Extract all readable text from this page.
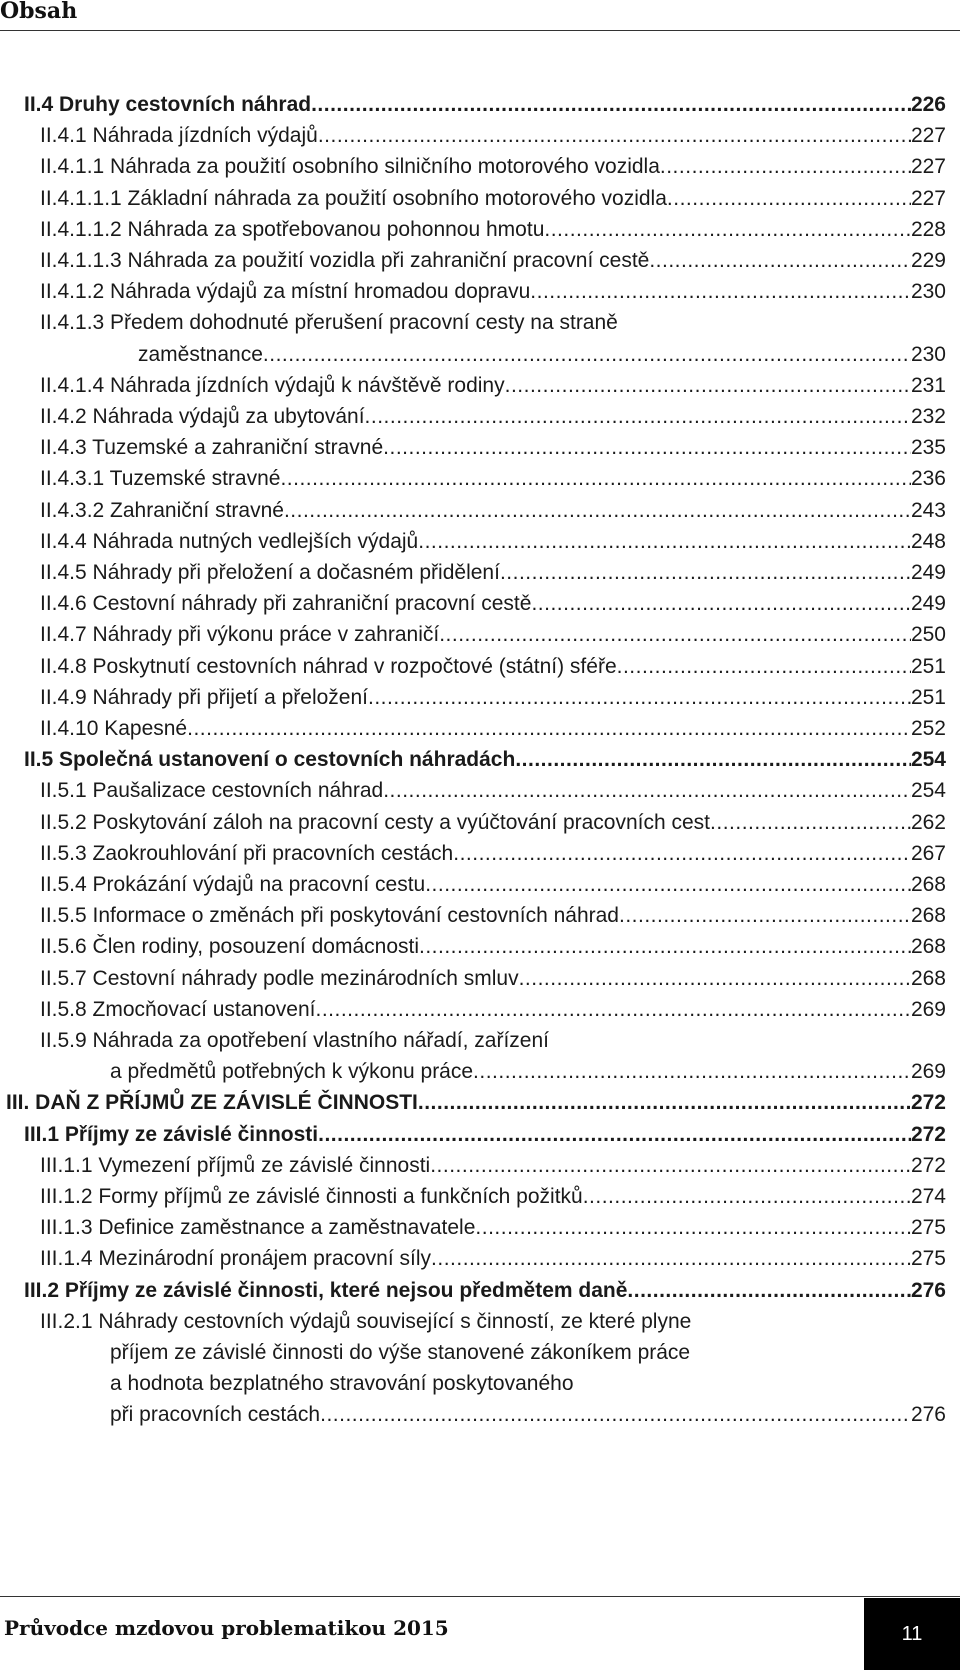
Obsah
II.4 Druhy cestovních náhrad .....	226
II.4.1 Náhrada jízdních výdajů .....	227
II.4.1.1 Náhrada za použití osobního silničního motorového vozidla .....	227
II.4.1.1.1 Základní náhrada za použití osobního motorového vozidla .....	227
II.4.1.1.2 Náhrada za spotřebovanou pohonnou hmotu .....	228
II.4.1.1.3 Náhrada za použití vozidla při zahraniční pracovní cestě .....	229
II.4.1.2 Náhrada výdajů za místní hromadou dopravu .....	230
II.4.1.3 Předem dohodnuté přerušení pracovní cesty na straně
zaměstnance .....	230
II.4.1.4 Náhrada jízdních výdajů k návštěvě rodiny .....	231
II.4.2 Náhrada výdajů za ubytování .....	232
II.4.3 Tuzemské a zahraniční stravné .....	235
II.4.3.1 Tuzemské stravné .....	236
II.4.3.2 Zahraniční stravné .....	243
II.4.4 Náhrada nutných vedlejších výdajů .....	248
II.4.5 Náhrady při přeložení a dočasném přidělení .....	249
II.4.6 Cestovní náhrady při zahraniční pracovní cestě .....	249
II.4.7 Náhrady při výkonu práce v zahraničí .....	250
II.4.8 Poskytnutí cestovních náhrad v rozpočtové (státní) sféře .....	251
II.4.9 Náhrady při přijetí a přeložení .....	251
II.4.10 Kapesné .....	252
II.5 Společná ustanovení o cestovních náhradách .....	254
II.5.1 Paušalizace cestovních náhrad .....	254
II.5.2 Poskytování záloh na pracovní cesty a vyúčtování pracovních cest .....	262
II.5.3 Zaokrouhlování při pracovních cestách .....	267
II.5.4 Prokázání výdajů na pracovní cestu .....	268
II.5.5 Informace o změnách při poskytování cestovních náhrad .....	268
II.5.6 Člen rodiny, posouzení domácnosti .....	268
II.5.7 Cestovní náhrady podle mezinárodních smluv .....	268
II.5.8 Zmocňovací ustanovení .....	269
II.5.9 Náhrada za opotřebení vlastního nářadí, zařízení
a předmětů potřebných k výkonu práce .....	269
III. DAŇ Z PŘÍJMŮ ZE ZÁVISLÉ ČINNOSTI .....	272
III.1 Příjmy ze závislé činnosti .....	272
III.1.1 Vymezení příjmů ze závislé činnosti .....	272
III.1.2 Formy příjmů ze závislé činnosti a funkčních požitků .....	274
III.1.3 Definice zaměstnance a zaměstnavatele .....	275
III.1.4 Mezinárodní pronájem pracovní síly .....	275
III.2 Příjmy ze závislé činnosti, které nejsou předmětem daně .....	276
III.2.1 Náhrady cestovních výdajů související s činností, ze které plyne
příjem ze závislé činnosti do výše stanovené zákoníkem práce
a hodnota bezplatného stravování poskytovaného
při pracovních cestách .....	276
Průvodce mzdovou problematikou 2015	11
